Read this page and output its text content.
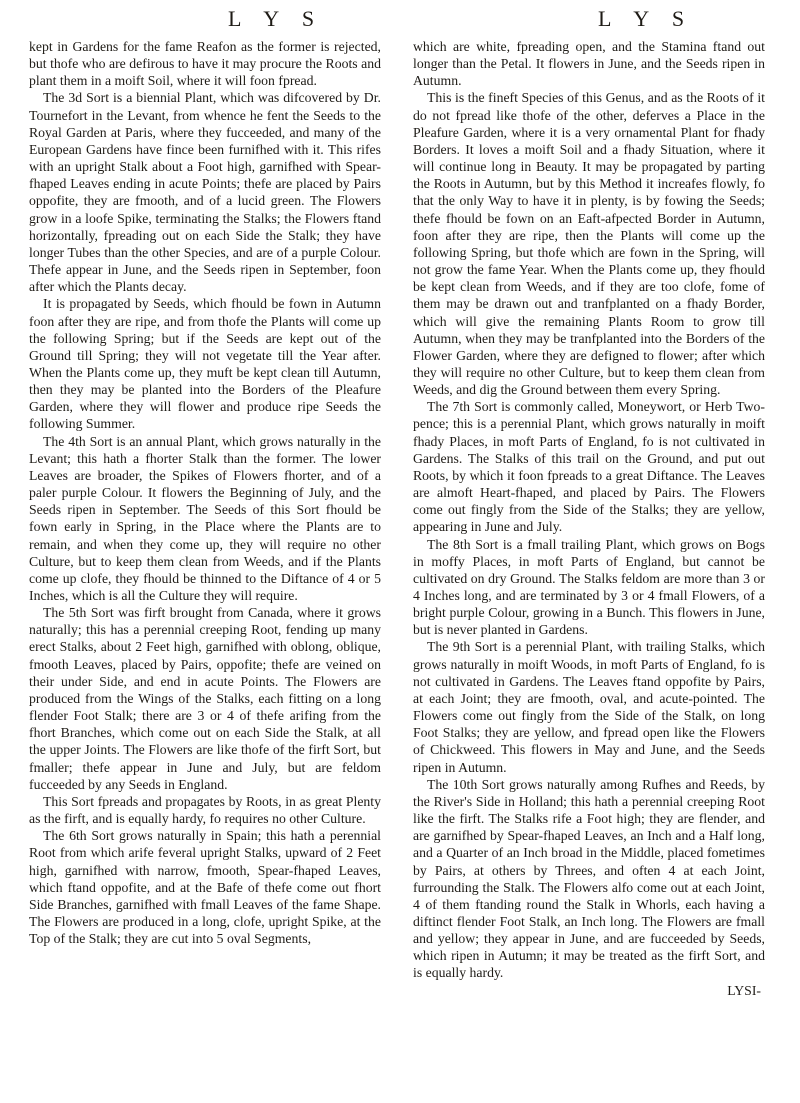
L Y S	L Y S

kept in Gardens for the fame Reafon as the former is rejected, but thofe who are defirous to have it may procure the Roots and plant them in a moift Soil, where it will foon fpread.

The 3d Sort is a biennial Plant, which was difcovered by Dr. Tournefort in the Levant, from whence he fent the Seeds to the Royal Garden at Paris, where they fucceeded, and many of the European Gardens have fince been furnifhed with it. This rifes with an upright Stalk about a Foot high, garnifhed with Spear-fhaped Leaves ending in acute Points; thefe are placed by Pairs oppofite, they are fmooth, and of a lucid green. The Flowers grow in a loofe Spike, terminating the Stalks; the Flowers ftand horizontally, fpreading out on each Side the Stalk; they have longer Tubes than the other Species, and are of a purple Colour. Thefe appear in June, and the Seeds ripen in September, foon after which the Plants decay.

It is propagated by Seeds, which fhould be fown in Autumn foon after they are ripe, and from thofe the Plants will come up the following Spring; but if the Seeds are kept out of the Ground till Spring; they will not vegetate till the Year after. When the Plants come up, they muft be kept clean till Autumn, then they may be planted into the Borders of the Pleafure Garden, where they will flower and produce ripe Seeds the following Summer.

The 4th Sort is an annual Plant, which grows naturally in the Levant; this hath a fhorter Stalk than the former. The lower Leaves are broader, the Spikes of Flowers fhorter, and of a paler purple Colour. It flowers the Beginning of July, and the Seeds ripen in September. The Seeds of this Sort fhould be fown early in Spring, in the Place where the Plants are to remain, and when they come up, they will require no other Culture, but to keep them clean from Weeds, and if the Plants come up clofe, they fhould be thinned to the Diftance of 4 or 5 Inches, which is all the Culture they will require.

The 5th Sort was firft brought from Canada, where it grows naturally; this has a perennial creeping Root, fending up many erect Stalks, about 2 Feet high, garnifhed with oblong, oblique, fmooth Leaves, placed by Pairs, oppofite; thefe are veined on their under Side, and end in acute Points. The Flowers are produced from the Wings of the Stalks, each fitting on a long flender Foot Stalk; there are 3 or 4 of thefe arifing from the fhort Branches, which come out on each Side the Stalk, at all the upper Joints. The Flowers are like thofe of the firft Sort, but fmaller; thefe appear in June and July, but are feldom fucceeded by any Seeds in England.

This Sort fpreads and propagates by Roots, in as great Plenty as the firft, and is equally hardy, fo requires no other Culture.

The 6th Sort grows naturally in Spain; this hath a perennial Root from which arife feveral upright Stalks, upward of 2 Feet high, garnifhed with narrow, fmooth, Spear-fhaped Leaves, which ftand oppofite, and at the Bafe of thefe come out fhort Side Branches, garnifhed with fmall Leaves of the fame Shape. The Flowers are produced in a long, clofe, upright Spike, at the Top of the Stalk; they are cut into 5 oval Segments,

which are white, fpreading open, and the Stamina ftand out longer than the Petal. It flowers in June, and the Seeds ripen in Autumn.

This is the fineft Species of this Genus, and as the Roots of it do not fpread like thofe of the other, deferves a Place in the Pleafure Garden, where it is a very ornamental Plant for fhady Borders. It loves a moift Soil and a fhady Situation, where it will continue long in Beauty. It may be propagated by parting the Roots in Autumn, but by this Method it increafes flowly, fo that the only Way to have it in plenty, is by fowing the Seeds; thefe fhould be fown on an Eaft-afpected Border in Autumn, foon after they are ripe, then the Plants will come up the following Spring, but thofe which are fown in the Spring, will not grow the fame Year. When the Plants come up, they fhould be kept clean from Weeds, and if they are too clofe, fome of them may be drawn out and tranfplanted on a fhady Border, which will give the remaining Plants Room to grow till Autumn, when they may be tranfplanted into the Borders of the Flower Garden, where they are defigned to flower; after which they will require no other Culture, but to keep them clean from Weeds, and dig the Ground between them every Spring.

The 7th Sort is commonly called, Moneywort, or Herb Two-pence; this is a perennial Plant, which grows naturally in moift fhady Places, in moft Parts of England, fo is not cultivated in Gardens. The Stalks of this trail on the Ground, and put out Roots, by which it foon fpreads to a great Diftance. The Leaves are almoft Heart-fhaped, and placed by Pairs. The Flowers come out fingly from the Side of the Stalks; they are yellow, appearing in June and July.

The 8th Sort is a fmall trailing Plant, which grows on Bogs in moffy Places, in moft Parts of England, but cannot be cultivated on dry Ground. The Stalks feldom are more than 3 or 4 Inches long, and are terminated by 3 or 4 fmall Flowers, of a bright purple Colour, growing in a Bunch. This flowers in June, but is never planted in Gardens.

The 9th Sort is a perennial Plant, with trailing Stalks, which grows naturally in moift Woods, in moft Parts of England, fo is not cultivated in Gardens. The Leaves ftand oppofite by Pairs, at each Joint; they are fmooth, oval, and acute-pointed. The Flowers come out fingly from the Side of the Stalk, on long Foot Stalks; they are yellow, and fpread open like the Flowers of Chickweed. This flowers in May and June, and the Seeds ripen in Autumn.

The 10th Sort grows naturally among Rufhes and Reeds, by the River's Side in Holland; this hath a perennial creeping Root like the firft. The Stalks rife a Foot high; they are flender, and are garnifhed by Spear-fhaped Leaves, an Inch and a Half long, and a Quarter of an Inch broad in the Middle, placed fometimes by Pairs, at others by Threes, and often 4 at each Joint, furrounding the Stalk. The Flowers alfo come out at each Joint, 4 of them ftanding round the Stalk in Whorls, each having a diftinct flender Foot Stalk, an Inch long. The Flowers are fmall and yellow; they appear in June, and are fucceeded by Seeds, which ripen in Autumn; it may be treated as the firft Sort, and is equally hardy.

LYSI-
